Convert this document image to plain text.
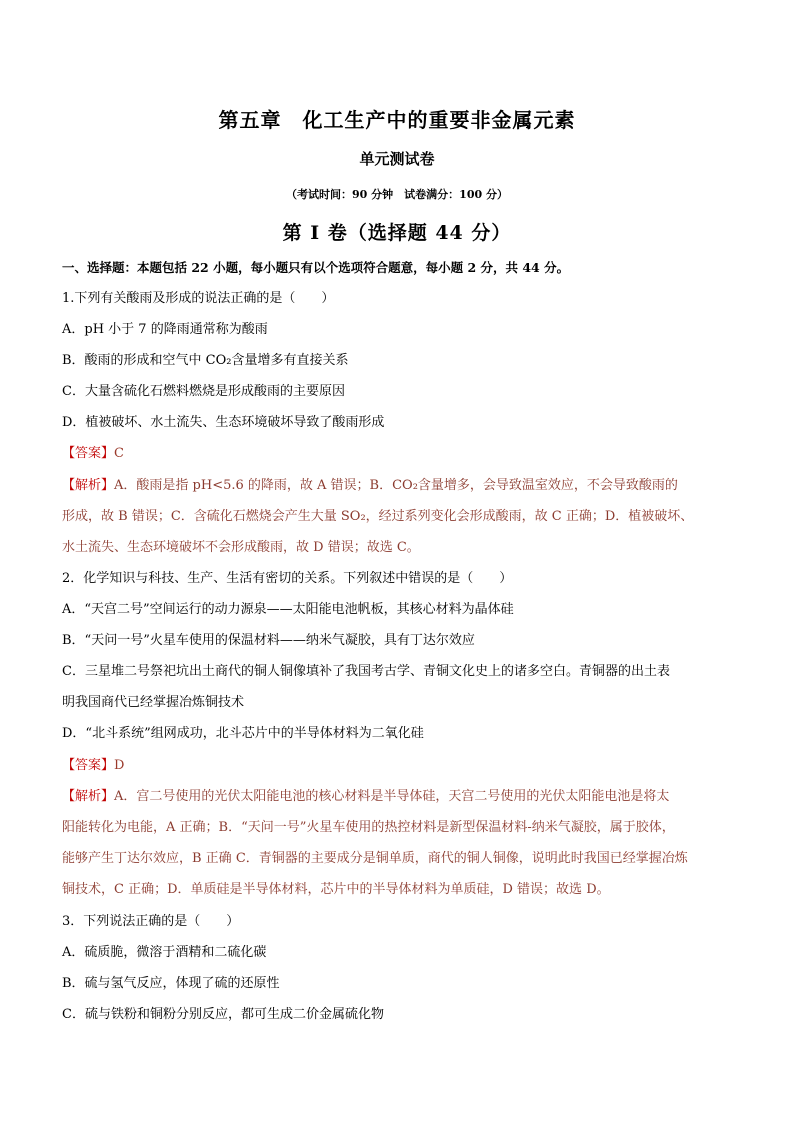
第五章　化工生产中的重要非金属元素
单元测试卷
（考试时间：90 分钟　试卷满分：100 分）
第 I 卷（选择题 44 分）
一、选择题：本题包括 22 小题，每小题只有以个选项符合题意，每小题 2 分，共 44 分。
1.下列有关酸雨及形成的说法正确的是（　　）
A．pH 小于 7 的降雨通常称为酸雨
B．酸雨的形成和空气中 CO₂含量增多有直接关系
C．大量含硫化石燃料燃烧是形成酸雨的主要原因
D．植被破坏、水土流失、生态环境破坏导致了酸雨形成
【答案】C
【解析】A．酸雨是指 pH<5.6 的降雨，故 A 错误；B．CO₂含量增多，会导致温室效应，不会导致酸雨的
形成，故 B 错误；C．含硫化石燃烧会产生大量 SO₂，经过系列变化会形成酸雨，故 C 正确；D．植被破坏、
水土流失、生态环境破坏不会形成酸雨，故 D 错误；故选 C。
2．化学知识与科技、生产、生活有密切的关系。下列叙述中错误的是（　　）
A．“天宫二号”空间运行的动力源泉——太阳能电池帆板，其核心材料为晶体硅
B．“天问一号”火星车使用的保温材料——纳米气凝胶，具有丁达尔效应
C．三星堆二号祭祀坑出土商代的铜人铜像填补了我国考古学、青铜文化史上的诸多空白。青铜器的出土表
明我国商代已经掌握冶炼铜技术
D．“北斗系统”组网成功，北斗芯片中的半导体材料为二氧化硅
【答案】D
【解析】A．宫二号使用的光伏太阳能电池的核心材料是半导体硅，天宫二号使用的光伏太阳能电池是将太
阳能转化为电能，A 正确；B．“天问一号”火星车使用的热控材料是新型保温材料-纳米气凝胶，属于胶体，
能够产生丁达尔效应，B 正确 C．青铜器的主要成分是铜单质，商代的铜人铜像，说明此时我国已经掌握冶炼
铜技术，C 正确；D．单质硅是半导体材料，芯片中的半导体材料为单质硅，D 错误；故选 D。
3．下列说法正确的是（　　）
A．硫质脆，微溶于酒精和二硫化碳
B．硫与氢气反应，体现了硫的还原性
C．硫与铁粉和铜粉分别反应，都可生成二价金属硫化物
